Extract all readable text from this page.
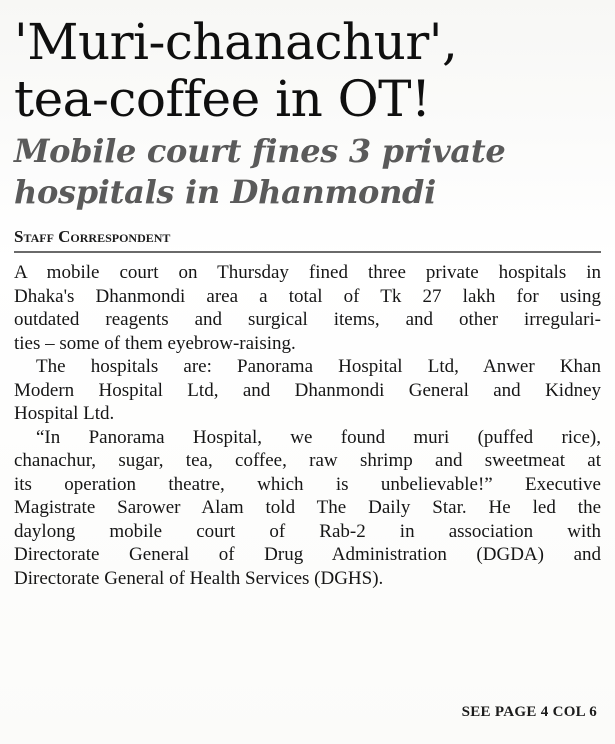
'Muri-chanachur',
tea-coffee in OT!
Mobile court fines 3 private
hospitals in Dhanmondi
Staff Correspondent

A mobile court on Thursday fined three private hospitals in
Dhaka's Dhanmondi area a total of Tk 27 lakh for using
outdated reagents and surgical items, and other irregulari-
ties – some of them eyebrow-raising.

The hospitals are: Panorama Hospital Ltd, Anwer Khan
Modern Hospital Ltd, and Dhanmondi General and Kidney
Hospital Ltd.

“In Panorama Hospital, we found muri (puffed rice),
chanachur, sugar, tea, coffee, raw shrimp and sweetmeat at
its operation theatre, which is unbelievable!” Executive
Magistrate Sarower Alam told The Daily Star. He led the
daylong mobile court of Rab-2 in association with
Directorate General of Drug Administration (DGDA) and
Directorate General of Health Services (DGHS).

SEE PAGE 4 COL 6
